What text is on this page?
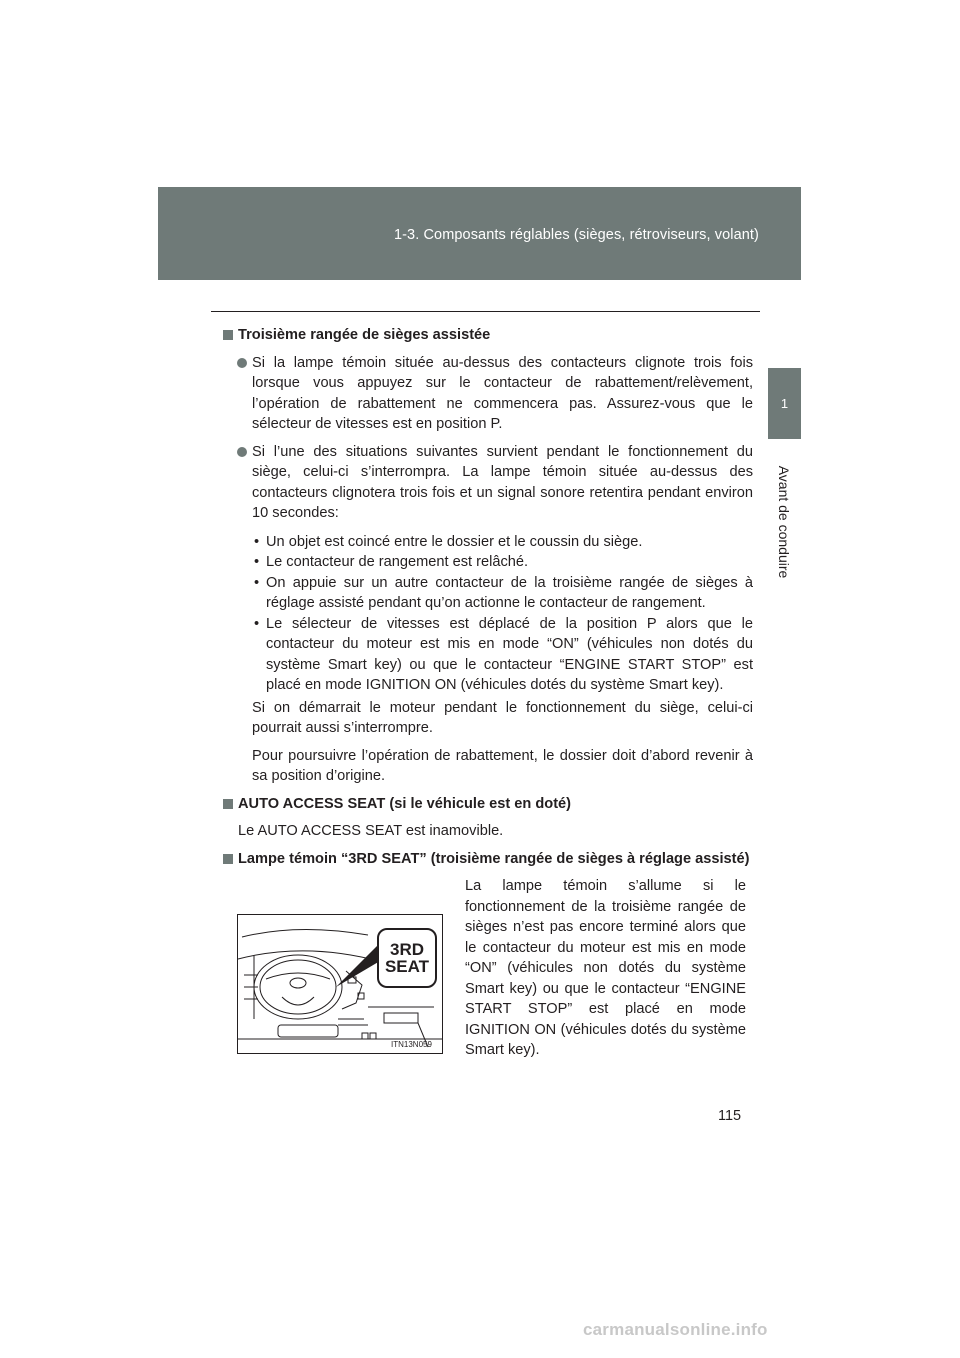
1-3. Composants réglables (sièges, rétroviseurs, volant)
1
Avant de conduire
Troisième rangée de sièges assistée
Si la lampe témoin située au-dessus des contacteurs clignote trois fois lorsque vous appuyez sur le contacteur de rabattement/relèvement, l’opération de rabattement ne commencera pas. Assurez-vous que le sélecteur de vitesses est en position P.
Si l’une des situations suivantes survient pendant le fonctionnement du siège, celui-ci s’interrompra. La lampe témoin située au-dessus des contacteurs clignotera trois fois et un signal sonore retentira pendant environ 10 secondes:
• Un objet est coincé entre le dossier et le coussin du siège.
• Le contacteur de rangement est relâché.
• On appuie sur un autre contacteur de la troisième rangée de sièges à réglage assisté pendant qu’on actionne le contacteur de rangement.
• Le sélecteur de vitesses est déplacé de la position P alors que le contacteur du moteur est mis en mode “ON” (véhicules non dotés du système Smart key) ou que le contacteur “ENGINE START STOP” est placé en mode IGNITION ON (véhicules dotés du système Smart key).
Si on démarrait le moteur pendant le fonctionnement du siège, celui-ci pourrait aussi s’interrompre.
Pour poursuivre l’opération de rabattement, le dossier doit d’abord revenir à sa position d’origine.
AUTO ACCESS SEAT (si le véhicule est en doté)
Le AUTO ACCESS SEAT est inamovible.
Lampe témoin “3RD SEAT” (troisième rangée de sièges à réglage assisté)
3RD
SEAT
ITN13N059
La lampe témoin s’allume si le fonctionnement de la troisième rangée de sièges n’est pas encore terminé alors que le contacteur du moteur est mis en mode “ON” (véhicules non dotés du système Smart key) ou que le contacteur “ENGINE START STOP” est placé en mode IGNITION ON (véhicules dotés du système Smart key).
115
carmanualsonline.info
